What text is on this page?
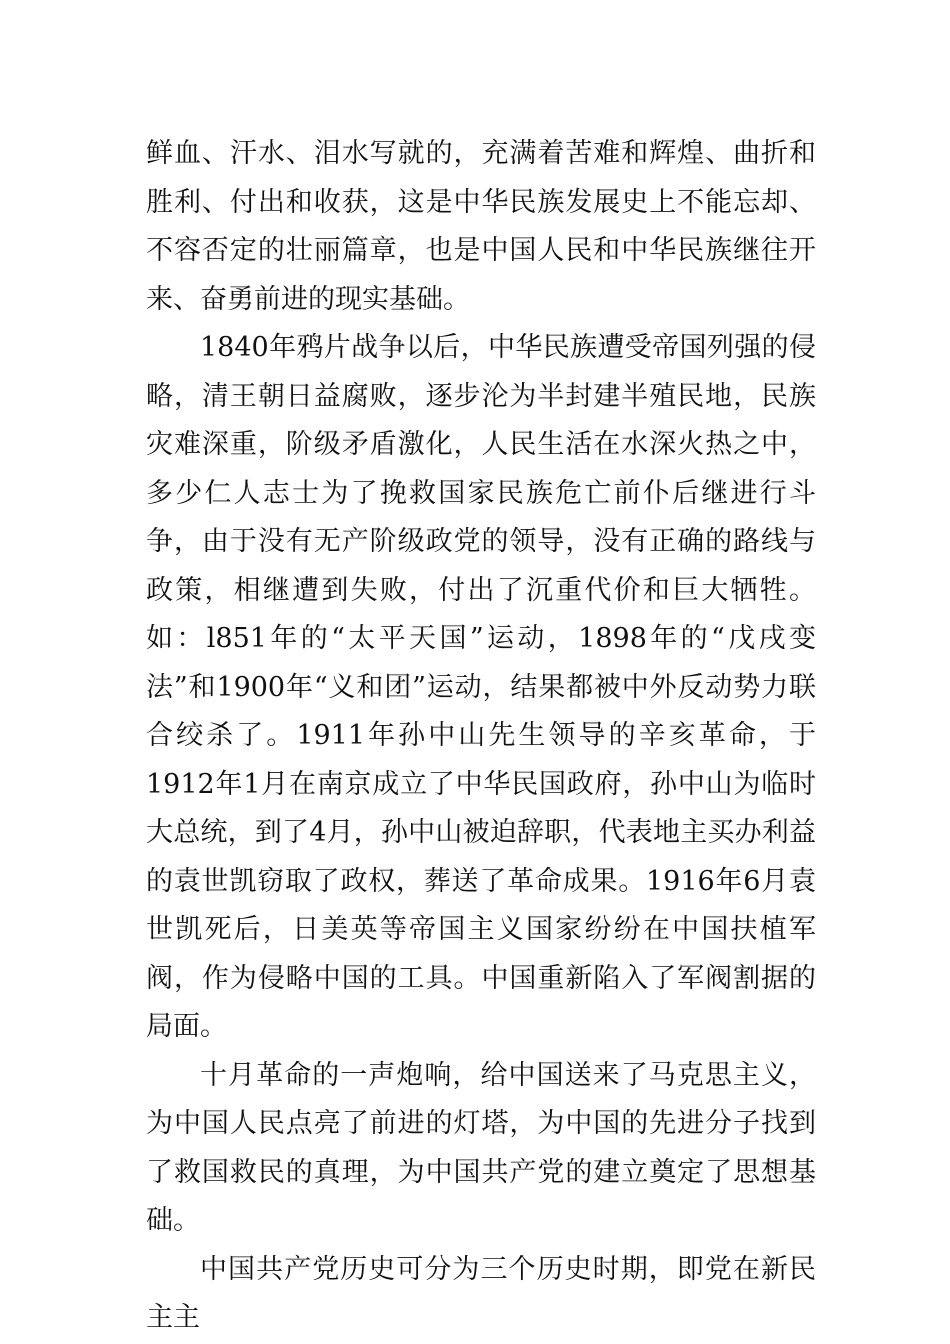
鲜血、汗水、泪水写就的，充满着苦难和辉煌、曲折和胜利、付出和收获，这是中华民族发展史上不能忘却、不容否定的壮丽篇章，也是中国人民和中华民族继往开来、奋勇前进的现实基础。

1840年鸦片战争以后，中华民族遭受帝国列强的侵略，清王朝日益腐败，逐步沦为半封建半殖民地，民族灾难深重，阶级矛盾激化，人民生活在水深火热之中，多少仁人志士为了挽救国家民族危亡前仆后继进行斗争，由于没有无产阶级政党的领导，没有正确的路线与政策，相继遭到失败，付出了沉重代价和巨大牺牲。如：l851年的“太平天国”运动，1898年的“戊戌变法”和1900年“义和团”运动，结果都被中外反动势力联合绞杀了。1911年孙中山先生领导的辛亥革命，于1912年1月在南京成立了中华民国政府，孙中山为临时大总统，到了4月，孙中山被迫辞职，代表地主买办利益的袁世凯窃取了政权，葬送了革命成果。1916年6月袁世凯死后，日美英等帝国主义国家纷纷在中国扶植军阀，作为侵略中国的工具。中国重新陷入了军阀割据的局面。

十月革命的一声炮响，给中国送来了马克思主义，为中国人民点亮了前进的灯塔，为中国的先进分子找到了救国救民的真理，为中国共产党的建立奠定了思想基础。

中国共产党历史可分为三个历史时期，即党在新民主主
